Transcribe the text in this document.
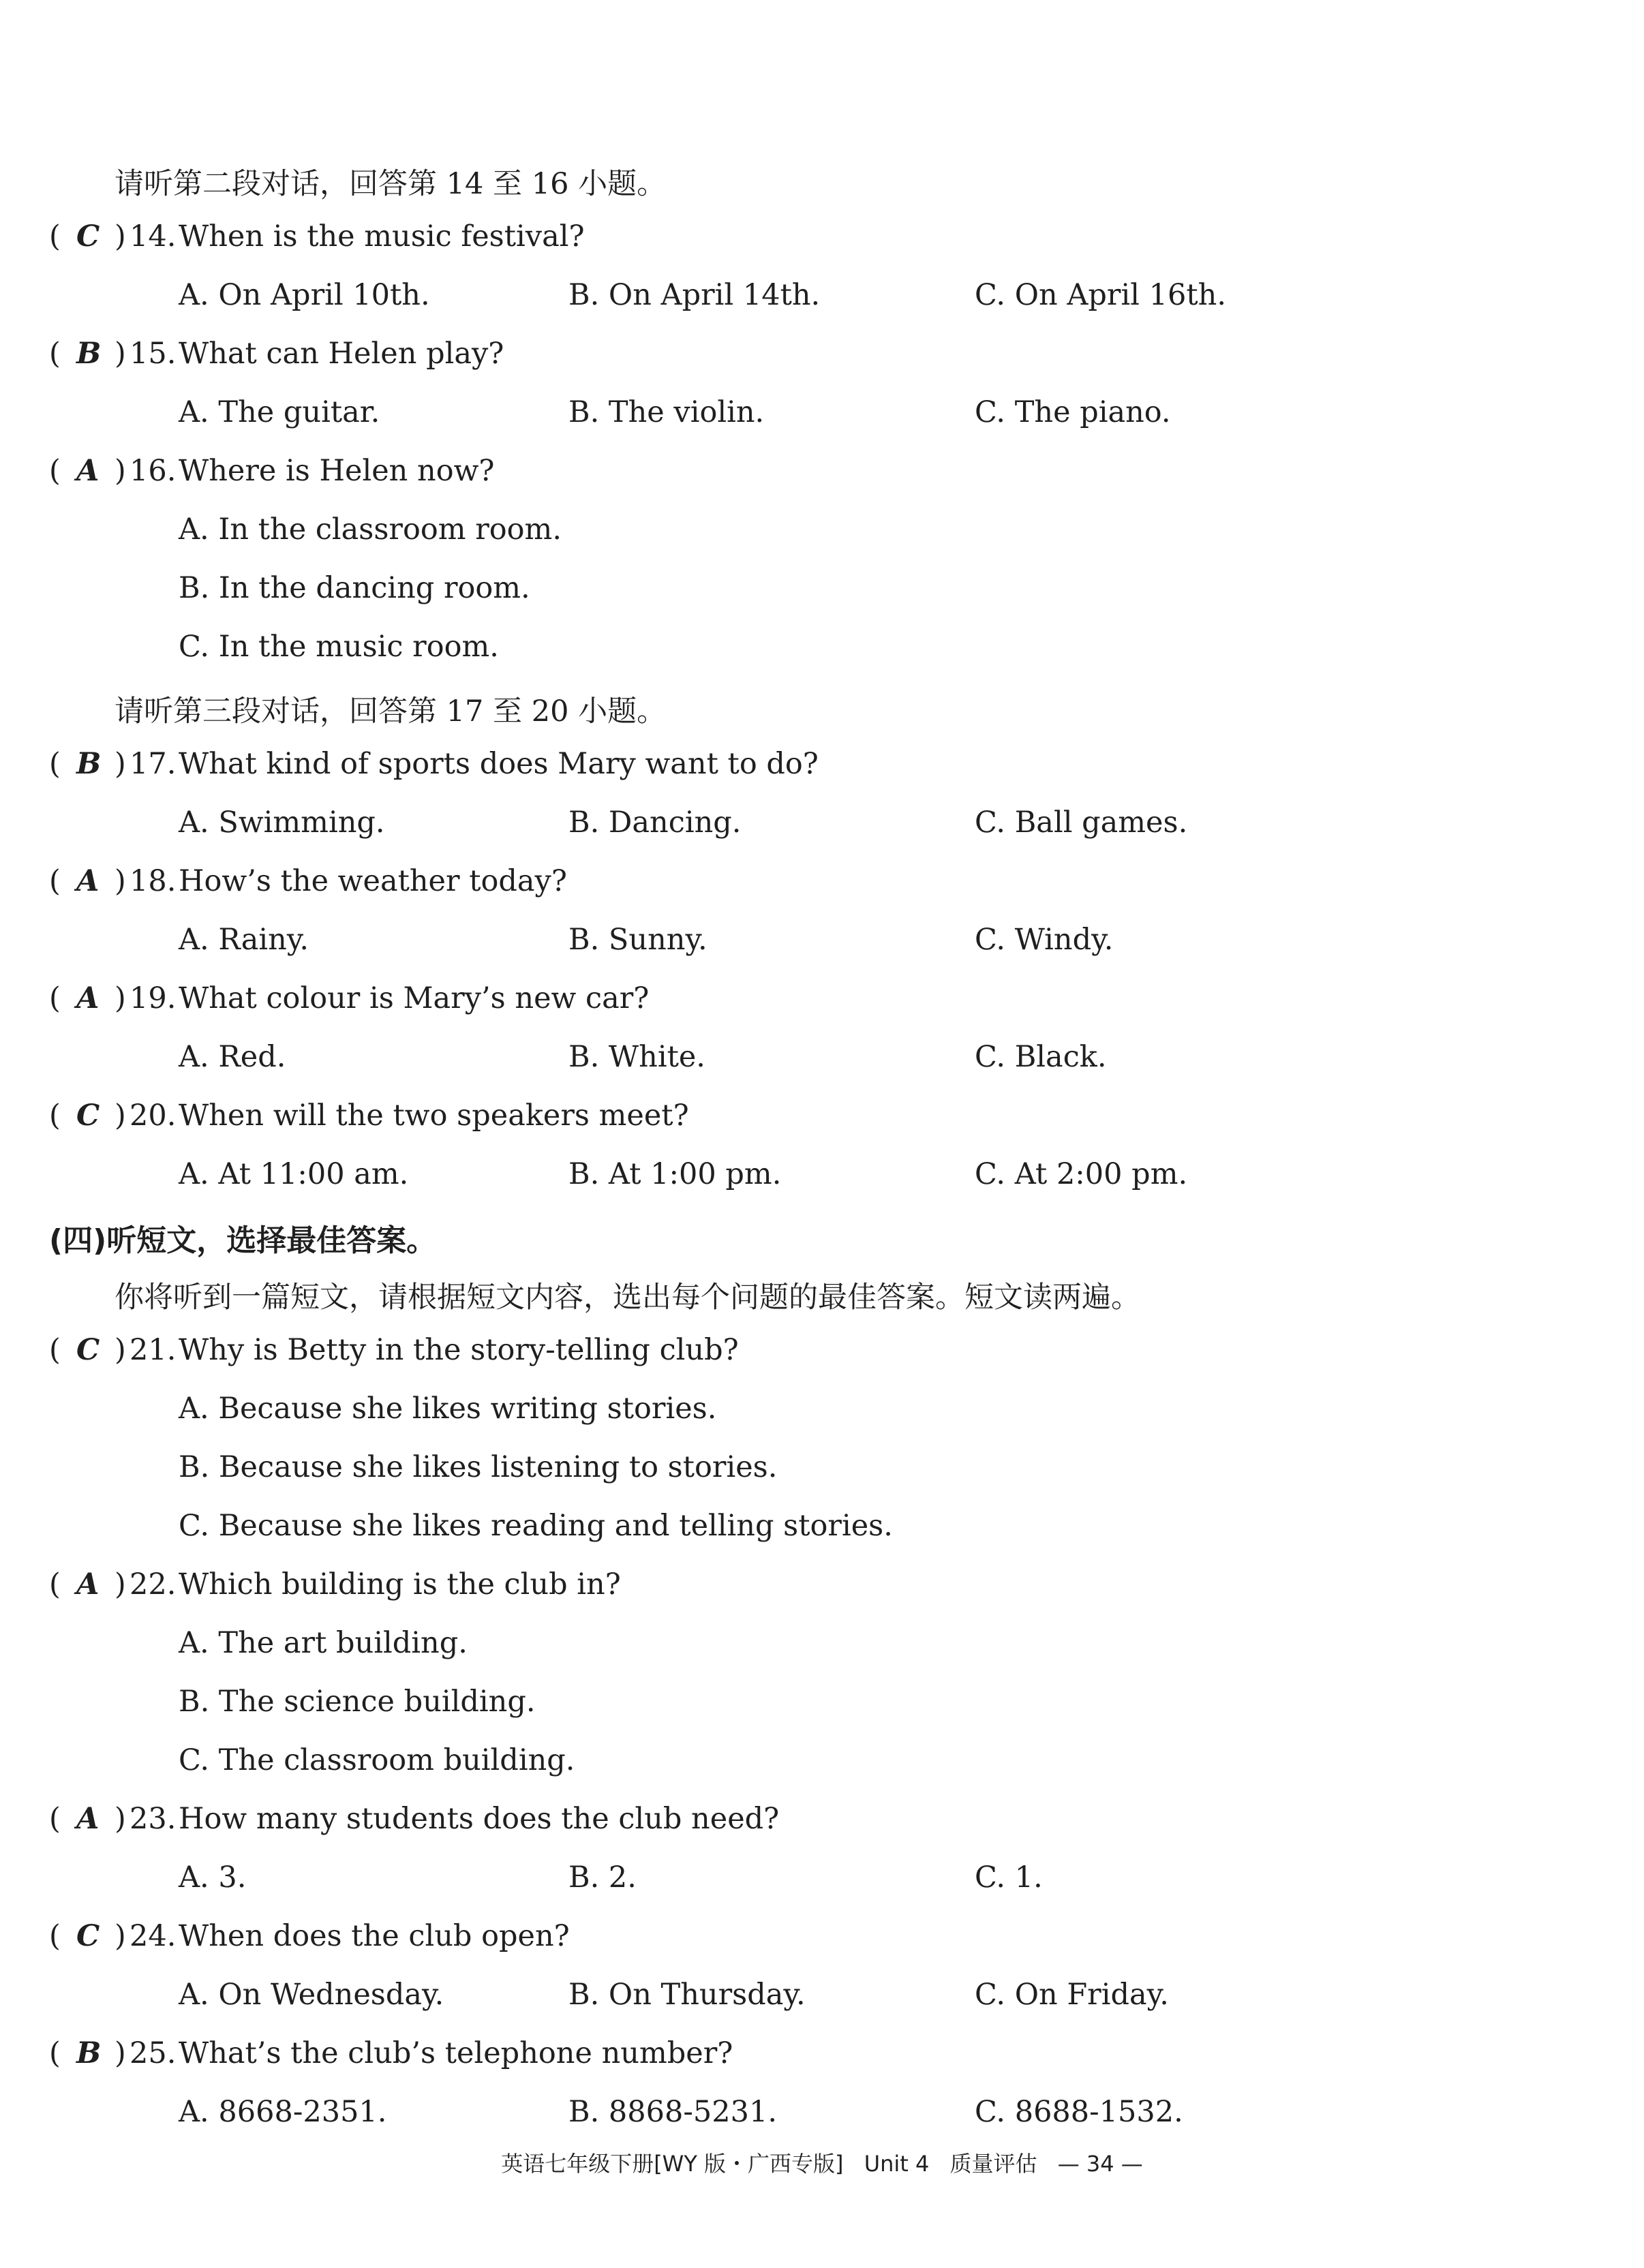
请听第二段对话，回答第 14 至 16 小题。
( C ) 14. When is the music festival?
A. On April 10th.	B. On April 14th.	C. On April 16th.
( B ) 15. What can Helen play?
A. The guitar.	B. The violin.	C. The piano.
( A ) 16. Where is Helen now?
A. In the classroom room.
B. In the dancing room.
C. In the music room.
请听第三段对话，回答第 17 至 20 小题。
( B ) 17. What kind of sports does Mary want to do?
A. Swimming.	B. Dancing.	C. Ball games.
( A ) 18. How’s the weather today?
A. Rainy.	B. Sunny.	C. Windy.
( A ) 19. What colour is Mary’s new car?
A. Red.	B. White.	C. Black.
( C ) 20. When will the two speakers meet?
A. At 11:00 am.	B. At 1:00 pm.	C. At 2:00 pm.
(四)听短文，选择最佳答案。
你将听到一篇短文，请根据短文内容，选出每个问题的最佳答案。短文读两遍。
( C ) 21. Why is Betty in the story-telling club?
A. Because she likes writing stories.
B. Because she likes listening to stories.
C. Because she likes reading and telling stories.
( A ) 22. Which building is the club in?
A. The art building.
B. The science building.
C. The classroom building.
( A ) 23. How many students does the club need?
A. 3.	B. 2.	C. 1.
( C ) 24. When does the club open?
A. On Wednesday.	B. On Thursday.	C. On Friday.
( B ) 25. What’s the club’s telephone number?
A. 8668-2351.	B. 8868-5231.	C. 8688-1532.
英语七年级下册[WY 版・广西专版] Unit 4 质量评估 — 34 —
